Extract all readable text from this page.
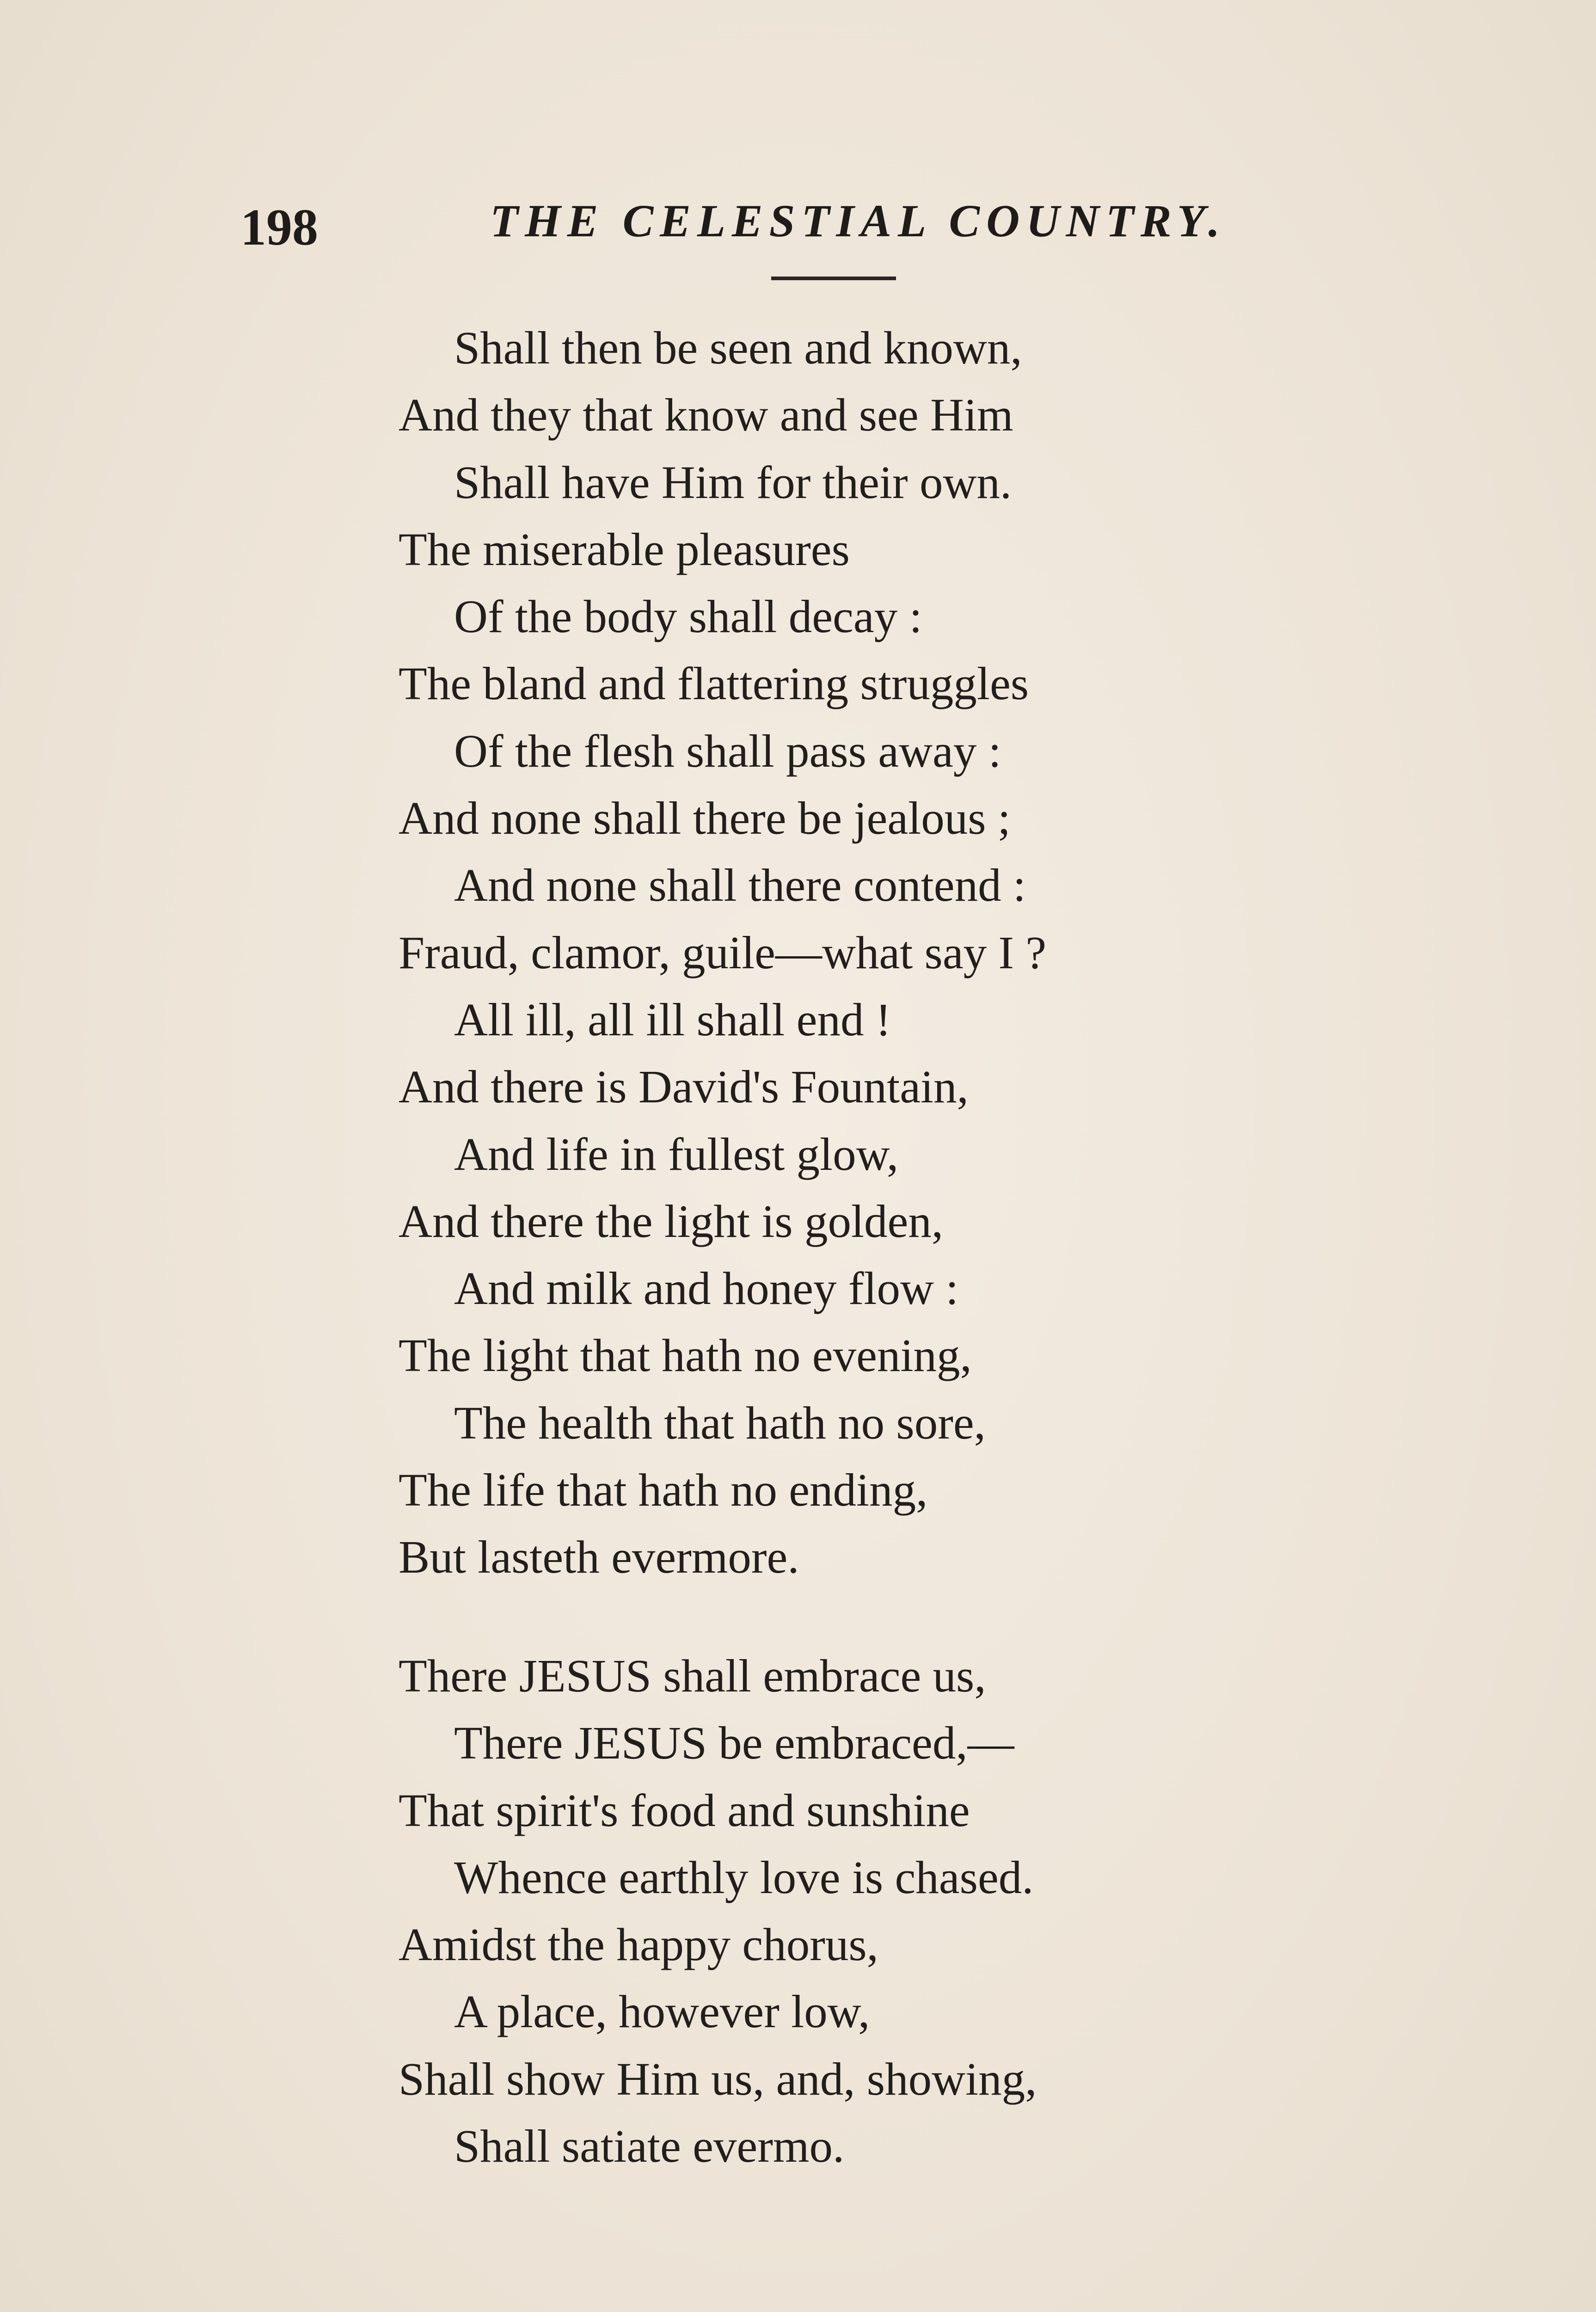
198	THE CELESTIAL COUNTRY.
Shall then be seen and known,
And they that know and see Him
Shall have Him for their own.
The miserable pleasures
Of the body shall decay :
The bland and flattering struggles
Of the flesh shall pass away :
And none shall there be jealous ;
And none shall there contend :
Fraud, clamor, guile—what say I ?
All ill, all ill shall end !
And there is David's Fountain,
And life in fullest glow,
And there the light is golden,
And milk and honey flow :
The light that hath no evening,
The health that hath no sore,
The life that hath no ending,
But lasteth evermore.
There JESUS shall embrace us,
There JESUS be embraced,—
That spirit's food and sunshine
Whence earthly love is chased.
Amidst the happy chorus,
A place, however low,
Shall show Him us, and, showing,
Shall satiate evermo.
